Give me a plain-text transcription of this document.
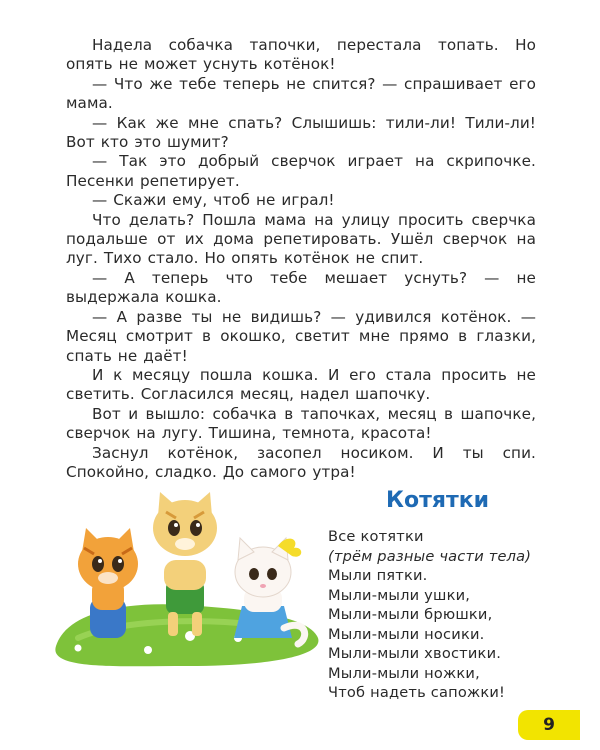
Надела собачка тапочки, перестала топать. Но опять не может уснуть котёнок!

— Что же тебе теперь не спится? — спрашивает его мама.

— Как же мне спать? Слышишь: тили-ли! Тили-ли! Вот кто это шумит?

— Так это добрый сверчок играет на скрипочке. Песенки репетирует.

— Скажи ему, чтоб не играл!

Что делать? Пошла мама на улицу просить сверчка подальше от их дома репетировать. Ушёл сверчок на луг. Тихо стало. Но опять котёнок не спит.

— А теперь что тебе мешает уснуть? — не выдержала кошка.

— А разве ты не видишь? — удивился котёнок. — Месяц смотрит в окошко, светит мне прямо в глазки, спать не даёт!

И к месяцу пошла кошка. И его стала просить не светить. Согласился месяц, надел шапочку.

Вот и вышло: собачка в тапочках, месяц в шапочке, сверчок на лугу. Тишина, темнота, красота!

Заснул котёнок, засопел носиком. И ты спи. Спокойно, сладко. До самого утра!

Котятки
Все котятки
(трём разные части тела)
Мыли пятки.
Мыли-мыли ушки,
Мыли-мыли брюшки,
Мыли-мыли носики.
Мыли-мыли хвостики.
Мыли-мыли ножки,
Чтоб надеть сапожки!
9
